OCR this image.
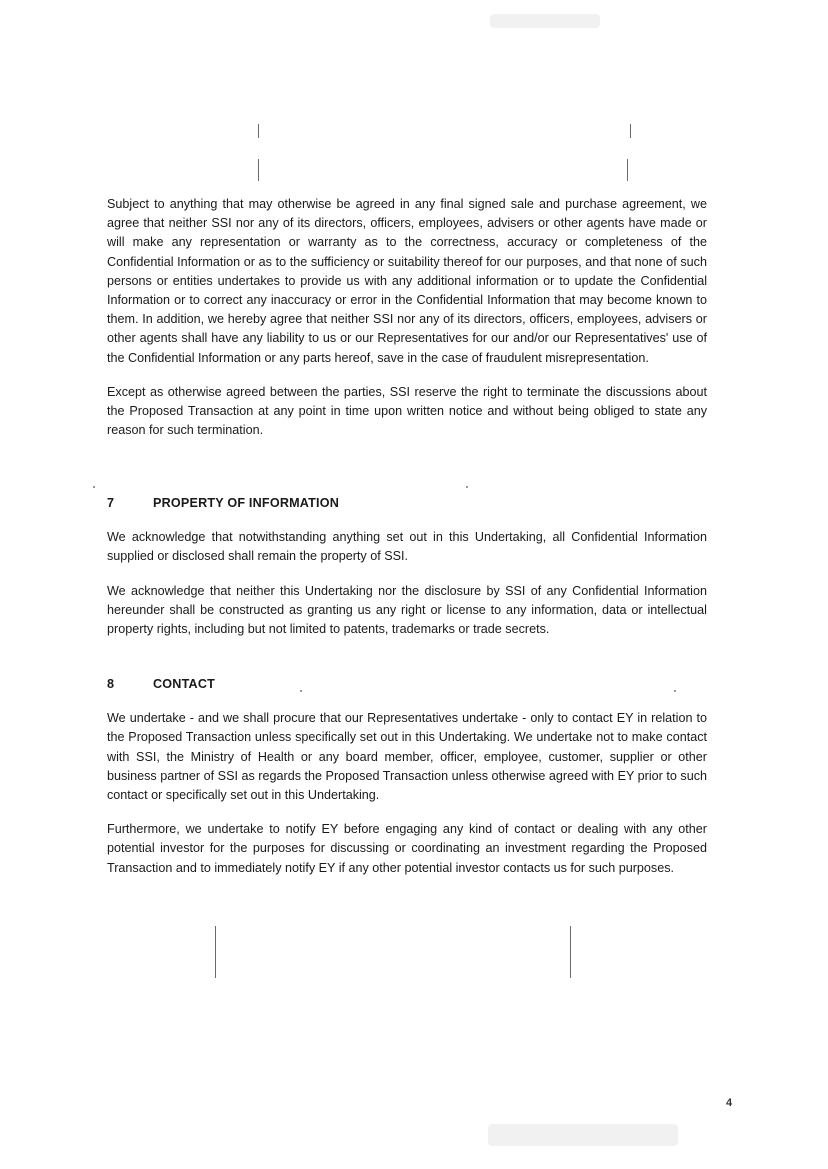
Subject to anything that may otherwise be agreed in any final signed sale and purchase agreement, we agree that neither SSI nor any of its directors, officers, employees, advisers or other agents have made or will make any representation or warranty as to the correctness, accuracy or completeness of the Confidential Information or as to the sufficiency or suitability thereof for our purposes, and that none of such persons or entities undertakes to provide us with any additional information or to update the Confidential Information or to correct any inaccuracy or error in the Confidential Information that may become known to them. In addition, we hereby agree that neither SSI nor any of its directors, officers, employees, advisers or other agents shall have any liability to us or our Representatives for our and/or our Representatives' use of the Confidential Information or any parts hereof, save in the case of fraudulent misrepresentation.

Except as otherwise agreed between the parties, SSI reserve the right to terminate the discussions about the Proposed Transaction at any point in time upon written notice and without being obliged to state any reason for such termination.

7	PROPERTY OF INFORMATION

We acknowledge that notwithstanding anything set out in this Undertaking, all Confidential Information supplied or disclosed shall remain the property of SSI.

We acknowledge that neither this Undertaking nor the disclosure by SSI of any Confidential Information hereunder shall be constructed as granting us any right or license to any information, data or intellectual property rights, including but not limited to patents, trademarks or trade secrets.

8	CONTACT

We undertake - and we shall procure that our Representatives undertake - only to contact EY in relation to the Proposed Transaction unless specifically set out in this Undertaking. We undertake not to make contact with SSI, the Ministry of Health or any board member, officer, employee, customer, supplier or other business partner of SSI as regards the Proposed Transaction unless otherwise agreed with EY prior to such contact or specifically set out in this Undertaking.

Furthermore, we undertake to notify EY before engaging any kind of contact or dealing with any other potential investor for the purposes for discussing or coordinating an investment regarding the Proposed Transaction and to immediately notify EY if any other potential investor contacts us for such purposes.

4
